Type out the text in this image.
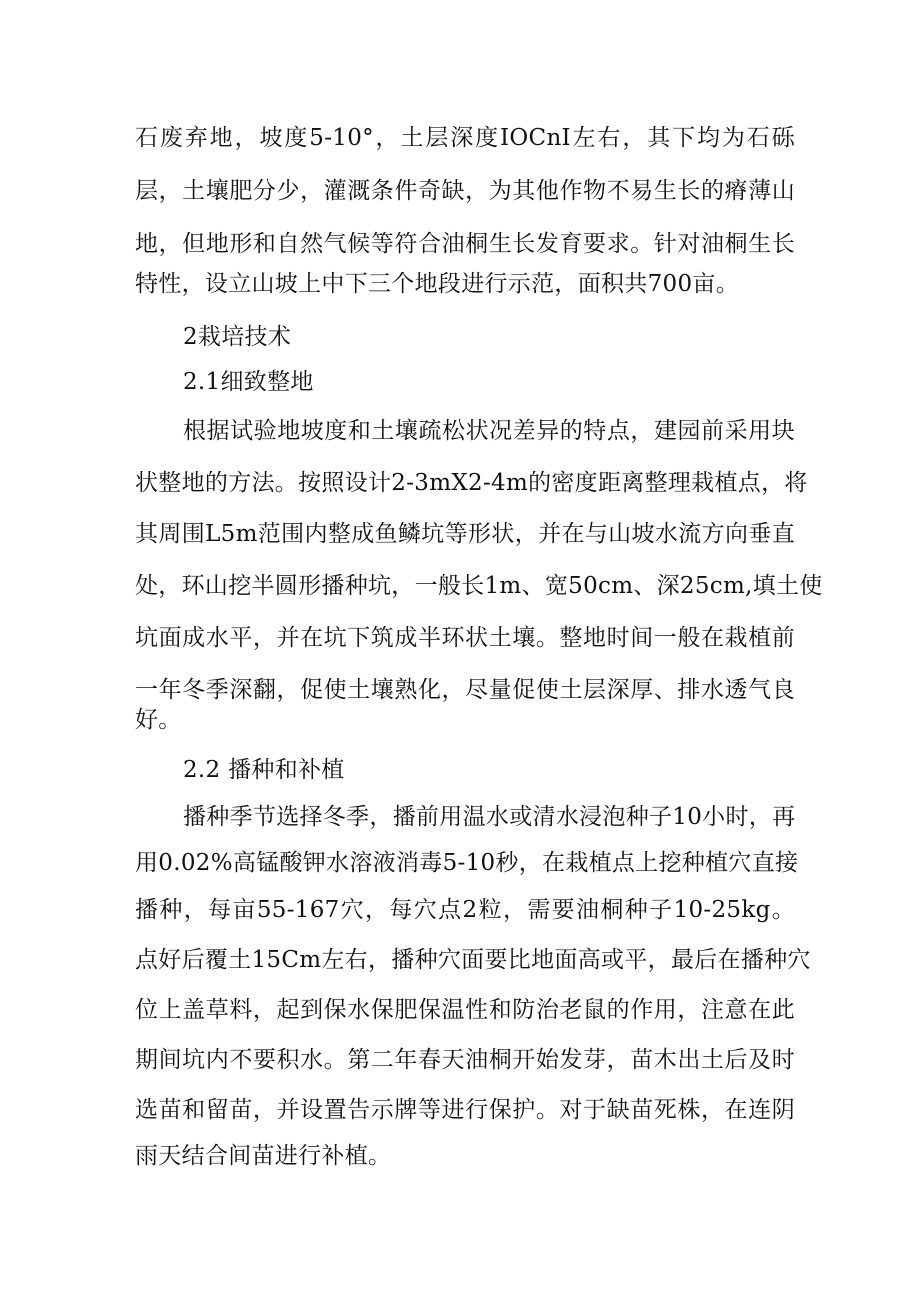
石废弃地，坡度5-10°，土层深度IOCnI左右，其下均为石砾
层，土壤肥分少，灌溉条件奇缺，为其他作物不易生长的瘠薄山
地，但地形和自然气候等符合油桐生长发育要求。针对油桐生长
特性，设立山坡上中下三个地段进行示范，面积共700亩。
2栽培技术
2.1细致整地
根据试验地坡度和土壤疏松状况差异的特点，建园前采用块
状整地的方法。按照设计2-3mX2-4m的密度距离整理栽植点，将
其周围L5m范围内整成鱼鳞坑等形状，并在与山坡水流方向垂直
处，环山挖半圆形播种坑，一般长1m、宽50cm、深25cm,填土使
坑面成水平，并在坑下筑成半环状土壤。整地时间一般在栽植前
一年冬季深翻，促使土壤熟化，尽量促使土层深厚、排水透气良
好。
2.2 播种和补植
播种季节选择冬季，播前用温水或清水浸泡种子10小时，再
用0.02%高锰酸钾水溶液消毒5-10秒，在栽植点上挖种植穴直接
播种，每亩55-167穴，每穴点2粒，需要油桐种子10-25kg。
点好后覆土15Cm左右，播种穴面要比地面高或平，最后在播种穴
位上盖草料，起到保水保肥保温性和防治老鼠的作用，注意在此
期间坑内不要积水。第二年春天油桐开始发芽，苗木出土后及时
选苗和留苗，并设置告示牌等进行保护。对于缺苗死株，在连阴
雨天结合间苗进行补植。
